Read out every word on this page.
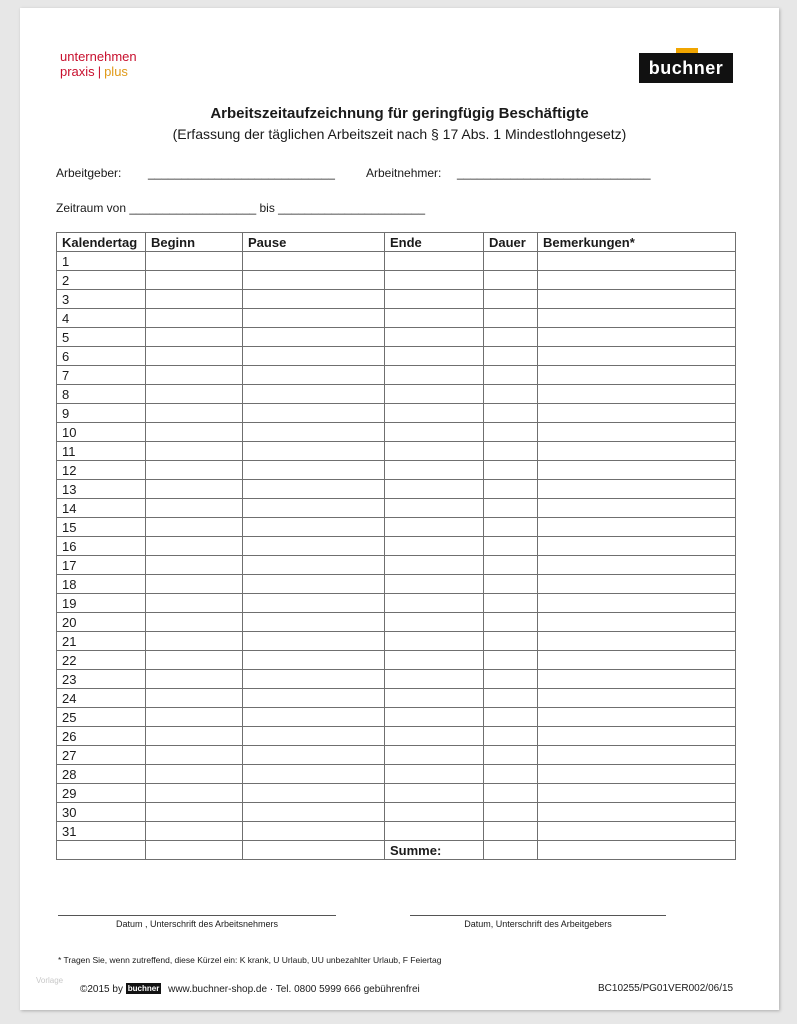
unternehmen
praxis | plus	buchner
Arbeitszeitaufzeichnung für geringfügig Beschäftigte
(Erfassung der täglichen Arbeitszeit nach § 17 Abs. 1 Mindestlohngesetz)
Arbeitgeber: ____________________________	Arbeitnehmer: _____________________________
Zeitraum von ___________________ bis ______________________
Kalendertag	Beginn	Pause	Ende	Dauer	Bemerkungen*
1					
2					
3					
4					
5					
6					
7					
8					
9					
10					
11					
12					
13					
14					
15					
16					
17					
18					
19					
20					
21					
22					
23					
24					
25					
26					
27					
28					
29					
30					
31					
			Summe:		
Datum , Unterschrift des Arbeitsnehmers	Datum, Unterschrift des Arbeitgebers
* Tragen Sie, wenn zutreffend, diese Kürzel ein: K krank, U Urlaub, UU unbezahlter Urlaub, F Feiertag
Vorlage
©2015 by buchner www.buchner-shop.de · Tel. 0800 5999 666 gebührenfrei	BC10255/PG01VER002/06/15
